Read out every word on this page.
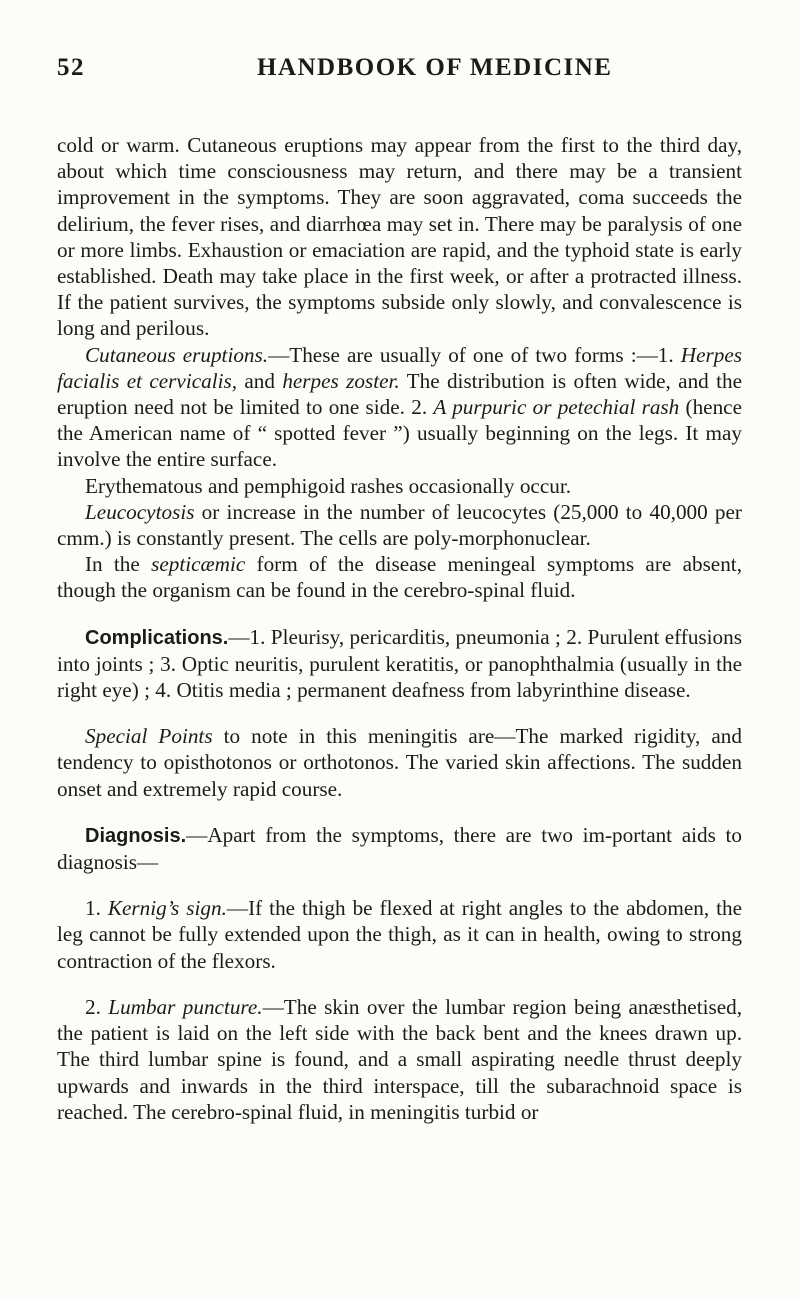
52	HANDBOOK OF MEDICINE

cold or warm. Cutaneous eruptions may appear from the first to the third day, about which time consciousness may return, and there may be a transient improvement in the symptoms. They are soon aggravated, coma succeeds the delirium, the fever rises, and diarrhœa may set in. There may be paralysis of one or more limbs. Exhaustion or emaciation are rapid, and the typhoid state is early established. Death may take place in the first week, or after a protracted illness. If the patient survives, the symptoms subside only slowly, and convalescence is long and perilous.

Cutaneous eruptions.—These are usually of one of two forms :—1. Herpes facialis et cervicalis, and herpes zoster. The distribution is often wide, and the eruption need not be limited to one side. 2. A purpuric or petechial rash (hence the American name of “ spotted fever ”) usually beginning on the legs. It may involve the entire surface.

Erythematous and pemphigoid rashes occasionally occur.

Leucocytosis or increase in the number of leucocytes (25,000 to 40,000 per cmm.) is constantly present. The cells are poly-morphonuclear.

In the septicæmic form of the disease meningeal symptoms are absent, though the organism can be found in the cerebro-spinal fluid.

Complications.—1. Pleurisy, pericarditis, pneumonia ; 2. Purulent effusions into joints ; 3. Optic neuritis, purulent keratitis, or panophthalmia (usually in the right eye) ; 4. Otitis media ; permanent deafness from labyrinthine disease.

Special Points to note in this meningitis are—The marked rigidity, and tendency to opisthotonos or orthotonos. The varied skin affections. The sudden onset and extremely rapid course.

Diagnosis.—Apart from the symptoms, there are two im-portant aids to diagnosis—

1. Kernig’s sign.—If the thigh be flexed at right angles to the abdomen, the leg cannot be fully extended upon the thigh, as it can in health, owing to strong contraction of the flexors.

2. Lumbar puncture.—The skin over the lumbar region being anæsthetised, the patient is laid on the left side with the back bent and the knees drawn up. The third lumbar spine is found, and a small aspirating needle thrust deeply upwards and inwards in the third interspace, till the subarachnoid space is reached. The cerebro-spinal fluid, in meningitis turbid or
